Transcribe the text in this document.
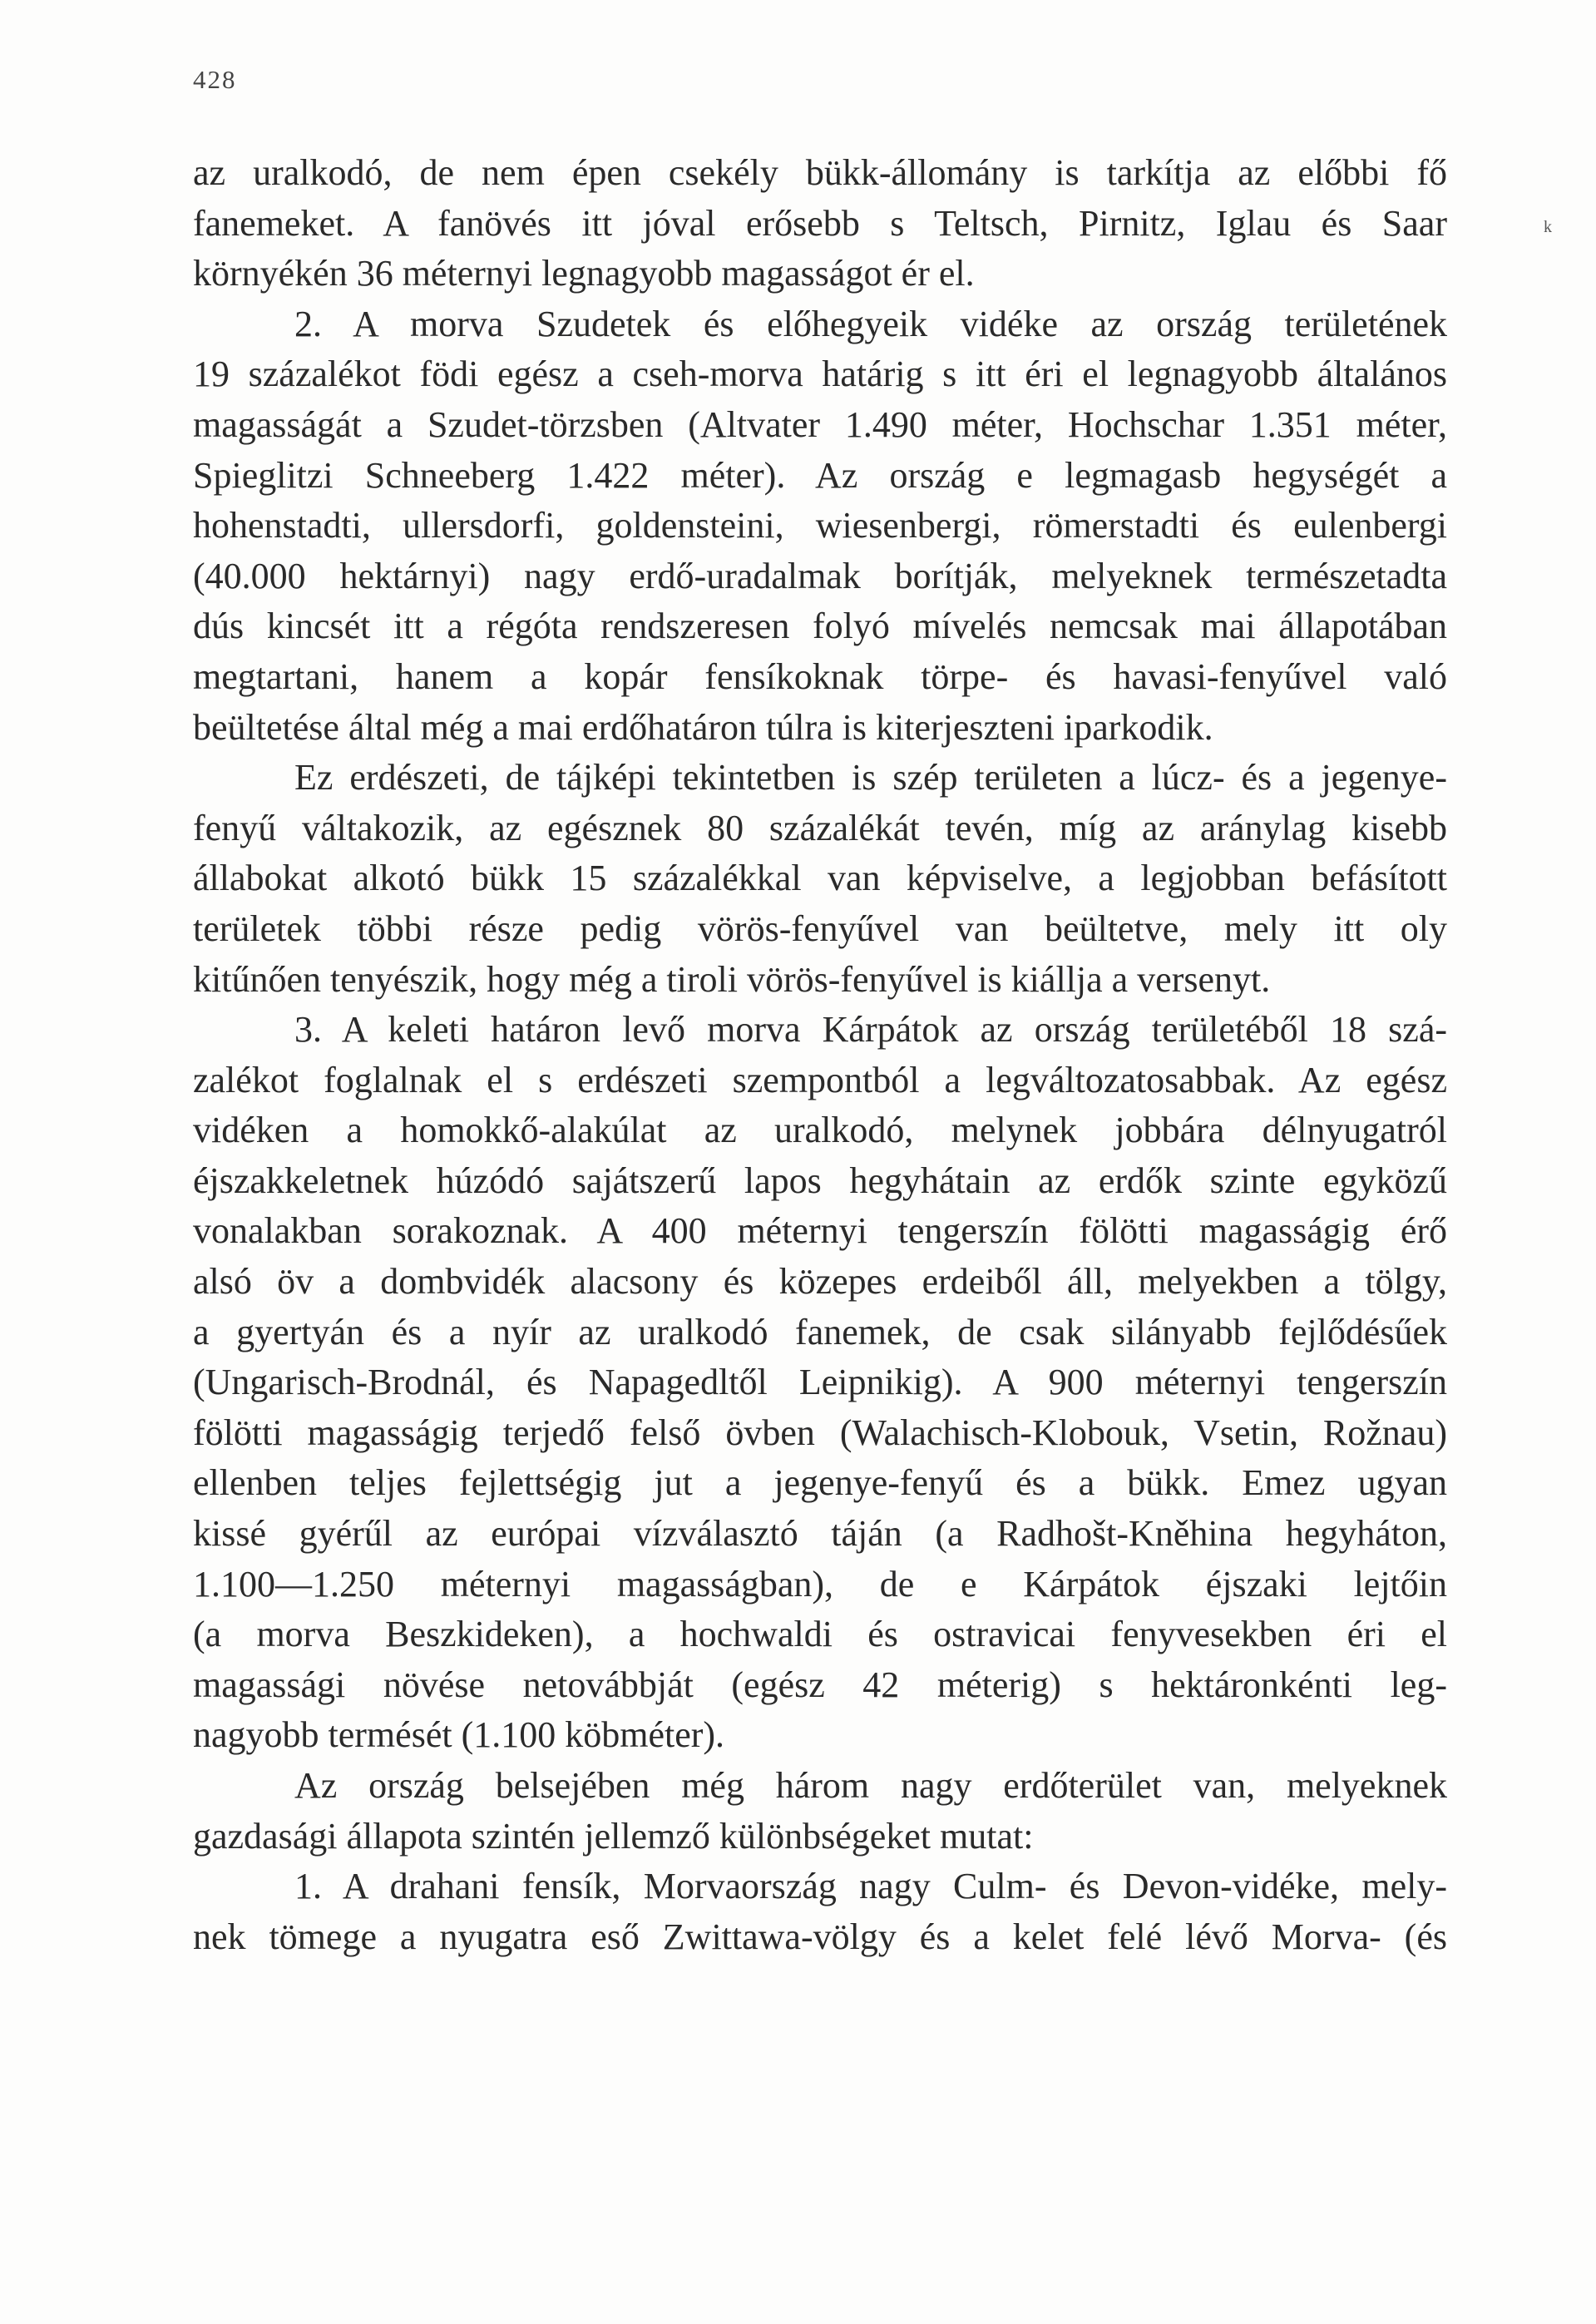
428
k
az uralkodó, de nem épen csekély bükk-állomány is tarkítja az előbbi fő
fanemeket. A fanövés itt jóval erősebb s Teltsch, Pirnitz, Iglau és Saar
környékén 36 méternyi legnagyobb magasságot ér el.
2. A morva Szudetek és előhegyeik vidéke az ország területének
19 százalékot födi egész a cseh-morva határig s itt éri el legnagyobb általános
magasságát a Szudet-törzsben (Altvater 1.490 méter, Hochschar 1.351 méter,
Spieglitzi Schneeberg 1.422 méter). Az ország e legmagasb hegységét a
hohenstadti, ullersdorfi, goldensteini, wiesenbergi, römerstadti és eulenbergi
(40.000 hektárnyi) nagy erdő-uradalmak borítják, melyeknek természetadta
dús kincsét itt a régóta rendszeresen folyó mívelés nemcsak mai állapotában
megtartani, hanem a kopár fensíkoknak törpe- és havasi-fenyűvel való
beültetése által még a mai erdőhatáron túlra is kiterjeszteni iparkodik.
Ez erdészeti, de tájképi tekintetben is szép területen a lúcz- és a jegenye-
fenyű váltakozik, az egésznek 80 százalékát tevén, míg az aránylag kisebb
állabokat alkotó bükk 15 százalékkal van képviselve, a legjobban befásított
területek többi része pedig vörös-fenyűvel van beültetve, mely itt oly
kitűnően tenyészik, hogy még a tiroli vörös-fenyűvel is kiállja a versenyt.
3. A keleti határon levő morva Kárpátok az ország területéből 18 szá-
zalékot foglalnak el s erdészeti szempontból a legváltozatosabbak. Az egész
vidéken a homokkő-alakúlat az uralkodó, melynek jobbára délnyugatról
éjszakkeletnek húzódó sajátszerű lapos hegyhátain az erdők szinte egyközű
vonalakban sorakoznak. A 400 méternyi tengerszín fölötti magasságig érő
alsó öv a dombvidék alacsony és közepes erdeiből áll, melyekben a tölgy,
a gyertyán és a nyír az uralkodó fanemek, de csak silányabb fejlődésűek
(Ungarisch-Brodnál, és Napagedltől Leipnikig). A 900 méternyi tengerszín
fölötti magasságig terjedő felső övben (Walachisch-Klobouk, Vsetin, Rožnau)
ellenben teljes fejlettségig jut a jegenye-fenyű és a bükk. Emez ugyan
kissé gyérűl az európai vízválasztó táján (a Radhošt-Kněhina hegyháton,
1.100—1.250 méternyi magasságban), de e Kárpátok éjszaki lejtőin
(a morva Beszkideken), a hochwaldi és ostravicai fenyvesekben éri el
magassági növése netovábbját (egész 42 méterig) s hektáronkénti leg-
nagyobb termését (1.100 köbméter).
Az ország belsejében még három nagy erdőterület van, melyeknek
gazdasági állapota szintén jellemző különbségeket mutat:
1. A drahani fensík, Morvaország nagy Culm- és Devon-vidéke, mely-
nek tömege a nyugatra eső Zwittawa-völgy és a kelet felé lévő Morva- (és
